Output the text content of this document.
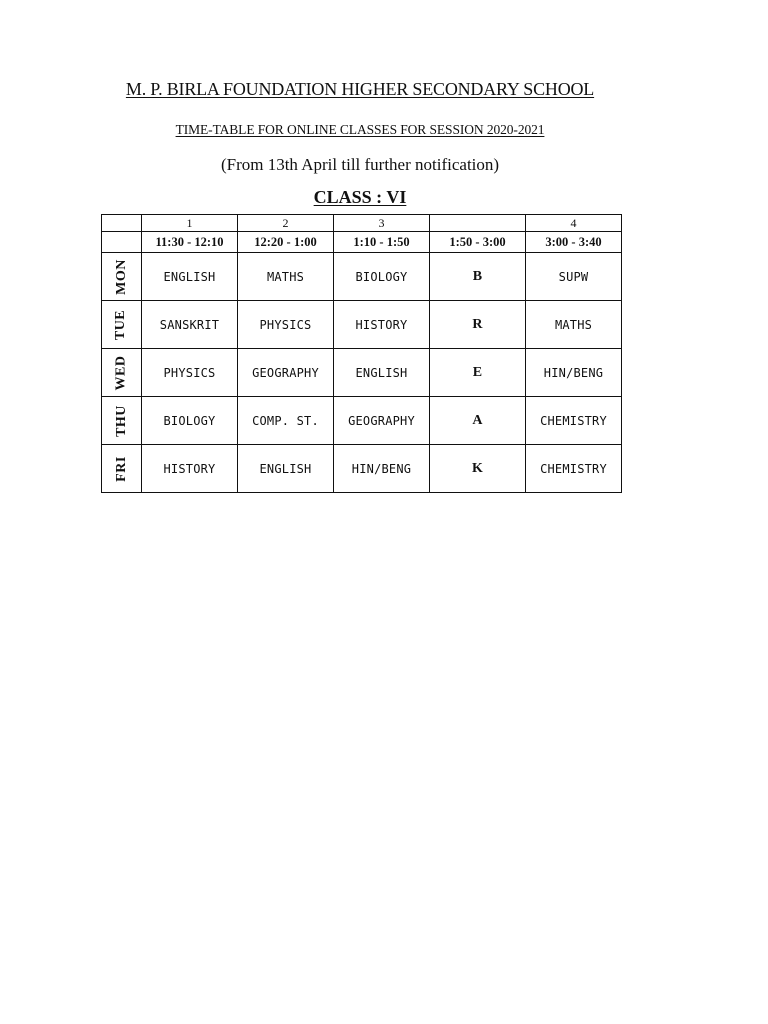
M. P. BIRLA FOUNDATION HIGHER SECONDARY SCHOOL
TIME-TABLE FOR ONLINE CLASSES FOR SESSION 2020-2021
(From 13th April till further notification)
CLASS : VI
	1	2	3		4
	11:30 - 12:10	12:20 - 1:00	1:10 - 1:50	1:50 - 3:00	3:00 - 3:40
MON	ENGLISH	MATHS	BIOLOGY	B	SUPW
TUE	SANSKRIT	PHYSICS	HISTORY	R	MATHS
WED	PHYSICS	GEOGRAPHY	ENGLISH	E	HIN/BENG
THU	BIOLOGY	COMP. ST.	GEOGRAPHY	A	CHEMISTRY
FRI	HISTORY	ENGLISH	HIN/BENG	K	CHEMISTRY
